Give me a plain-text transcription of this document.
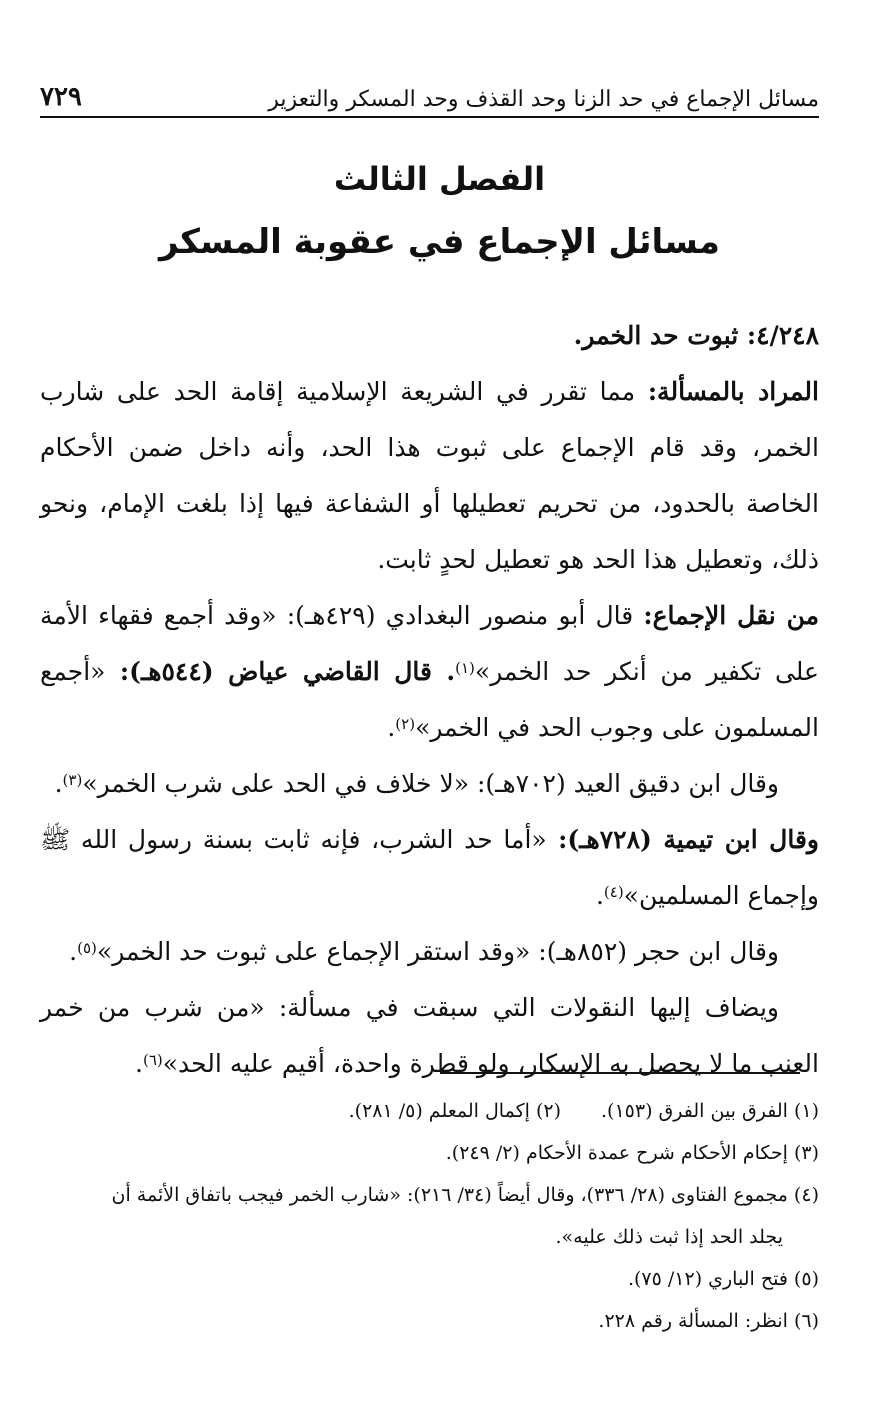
مسائل الإجماع في حد الزنا وحد القذف وحد المسكر والتعزير
٧٢٩
الفصل الثالث
مسائل الإجماع في عقوبة المسكر

٤/٢٤٨: ثبوت حد الخمر.

المراد بالمسألة: مما تقرر في الشريعة الإسلامية إقامة الحد على شارب الخمر، وقد قام الإجماع على ثبوت هذا الحد، وأنه داخل ضمن الأحكام الخاصة بالحدود، من تحريم تعطيلها أو الشفاعة فيها إذا بلغت الإمام، ونحو ذلك، وتعطيل هذا الحد هو تعطيل لحدٍ ثابت.

من نقل الإجماع: قال أبو منصور البغدادي (٤٢٩هـ): «وقد أجمع فقهاء الأمة على تكفير من أنكر حد الخمر»$^{(١)}$. قال القاضي عياض (٥٤٤هـ): «أجمع المسلمون على وجوب الحد في الخمر»$^{(٢)}$.

وقال ابن دقيق العيد (٧٠٢هـ): «لا خلاف في الحد على شرب الخمر»$^{(٣)}$.

وقال ابن تيمية (٧٢٨هـ): «أما حد الشرب، فإنه ثابت بسنة رسول الله ﷺ وإجماع المسلمين»$^{(٤)}$.

وقال ابن حجر (٨٥٢هـ): «وقد استقر الإجماع على ثبوت حد الخمر»$^{(٥)}$.

ويضاف إليها النقولات التي سبقت في مسألة: «من شرب من خمر العنب ما لا يحصل به الإسكار، ولو قطرة واحدة، أقيم عليه الحد»$^{(٦)}$.

(١) الفرق بين الفرق (١٥٣).
(٢) إكمال المعلم (٥/ ٢٨١).

(٣) إحكام الأحكام شرح عمدة الأحكام (٢/ ٢٤٩).

(٤) مجموع الفتاوى (٢٨/ ٣٣٦)، وقال أيضاً (٣٤/ ٢١٦): «شارب الخمر فيجب باتفاق الأئمة أن

يجلد الحد إذا ثبت ذلك عليه».

(٥) فتح الباري (١٢/ ٧٥).

(٦) انظر: المسألة رقم ٢٢٨.
